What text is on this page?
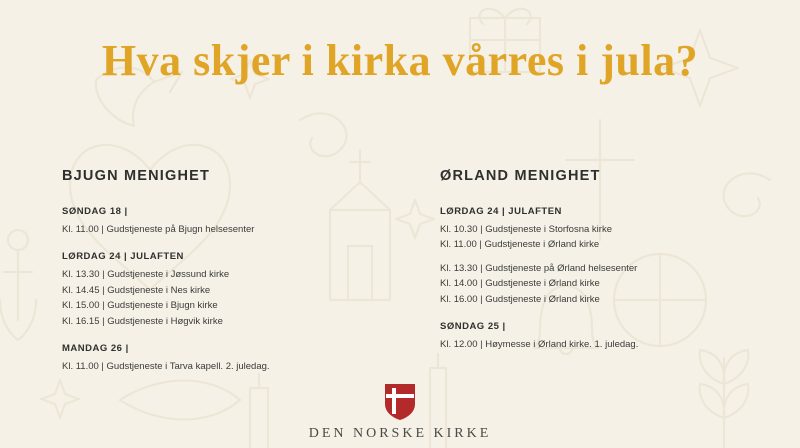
Hva skjer i kirka vårres i jula?
BJUGN MENIGHET
SØNDAG 18 |
Kl. 11.00 | Gudstjeneste på Bjugn helsesenter
LØRDAG 24 | JULAFTEN
Kl. 13.30 | Gudstjeneste i Jøssund kirke
Kl. 14.45 | Gudstjeneste i Nes kirke
Kl. 15.00 | Gudstjeneste i Bjugn kirke
Kl. 16.15 | Gudstjeneste i Høgvik kirke
MANDAG 26 |
Kl. 11.00 | Gudstjeneste i Tarva kapell. 2. juledag.
ØRLAND MENIGHET
LØRDAG 24 | JULAFTEN
Kl. 10.30 | Gudstjeneste i Storfosna kirke
Kl. 11.00 | Gudstjeneste i Ørland kirke
Kl. 13.30 | Gudstjeneste på Ørland helsesenter
Kl. 14.00 | Gudstjeneste i Ørland kirke
Kl. 16.00 | Gudstjeneste i Ørland kirke
SØNDAG 25 |
Kl. 12.00 | Høymesse i Ørland kirke. 1. juledag.
DEN NORSKE KIRKE
